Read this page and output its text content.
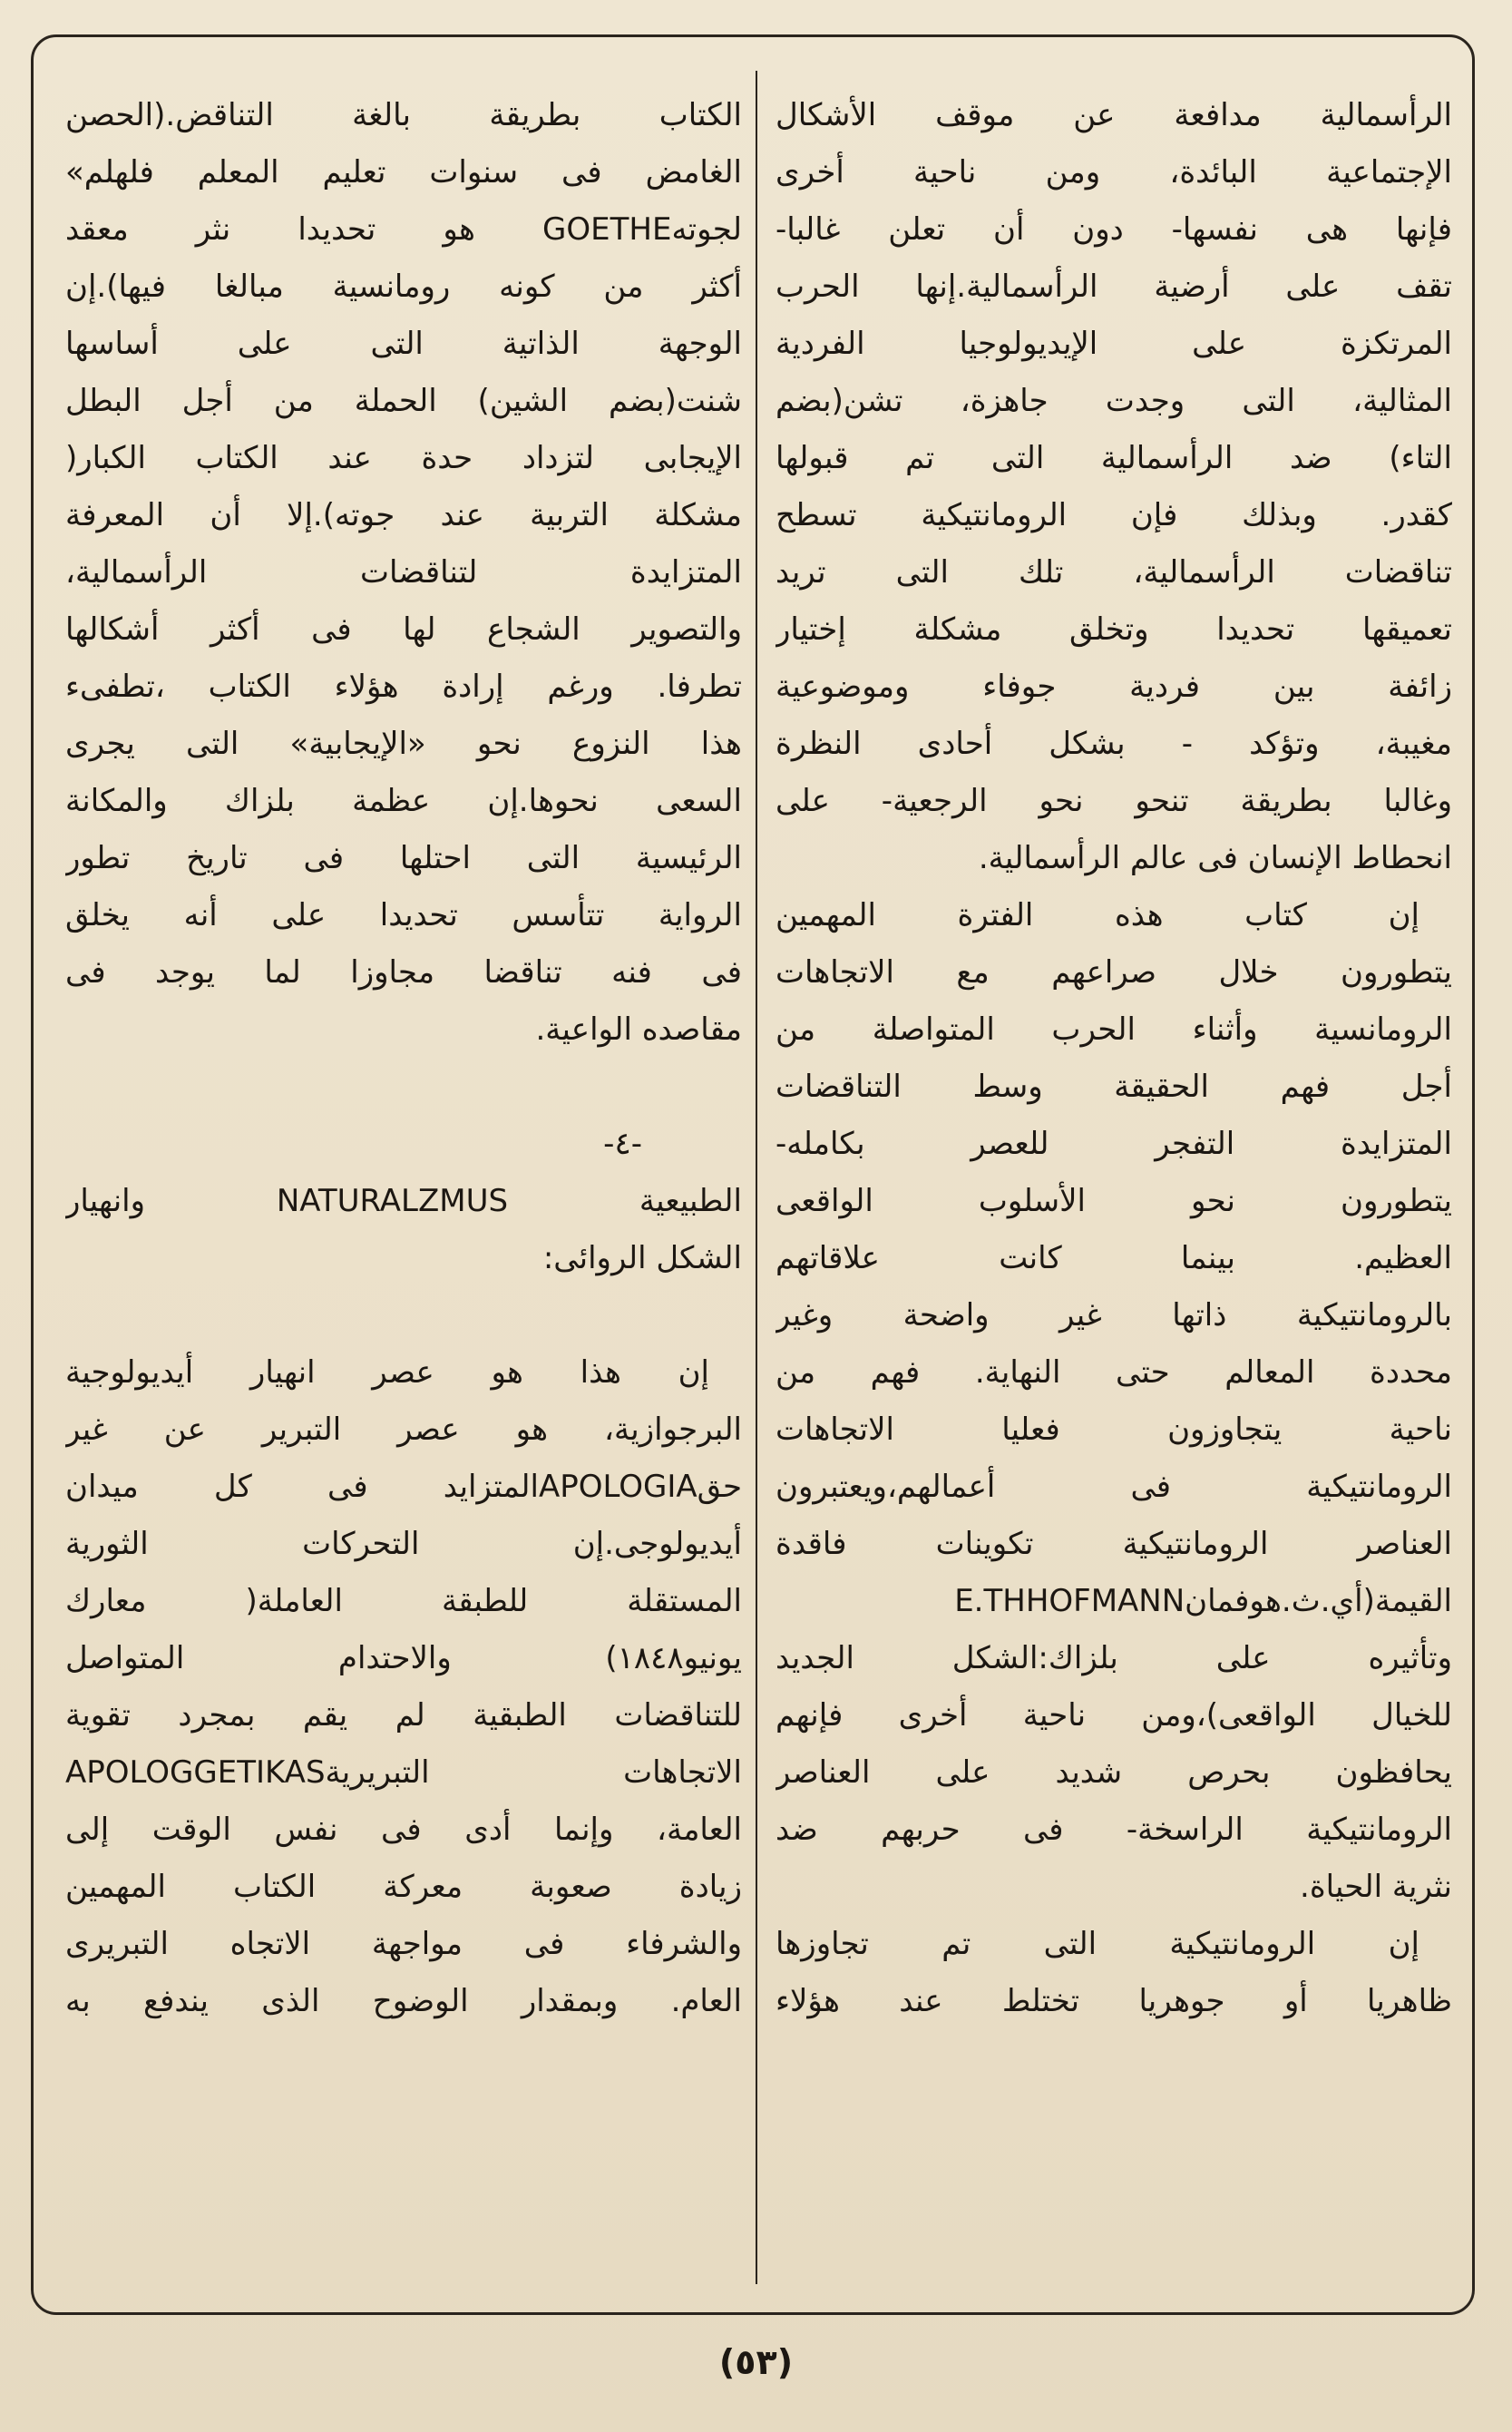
الرأسمالية مدافعة عن موقف الأشكال
الإجتماعية البائدة، ومن ناحية أخرى
فإنها هى نفسها- دون أن تعلن غالبا-
تقف على أرضية الرأسمالية.إنها الحرب
المرتكزة على الإيديولوجيا الفردية
المثالية، التى وجدت جاهزة، تشن(بضم
التاء) ضد الرأسمالية التى تم قبولها
كقدر. وبذلك فإن الرومانتيكية تسطح
تناقضات الرأسمالية، تلك التى تريد
تعميقها تحديدا وتخلق مشكلة إختيار
زائفة بين فردية جوفاء وموضوعية
مغيبة، وتؤكد - بشكل أحادى النظرة
وغالبا بطريقة تنحو نحو الرجعية- على
انحطاط الإنسان فى عالم الرأسمالية.
إن كتاب هذه الفترة المهمين
يتطورون خلال صراعهم مع الاتجاهات
الرومانسية وأثناء الحرب المتواصلة من
أجل فهم الحقيقة وسط التناقضات
المتزايدة التفجر للعصر بكامله-
يتطورون نحو الأسلوب الواقعى
العظيم. بينما كانت علاقاتهم
بالرومانتيكية ذاتها غير واضحة وغير
محددة المعالم حتى النهاية. فهم من
ناحية يتجاوزون فعليا الاتجاهات
الرومانتيكية فى أعمالهم،ويعتبرون
العناصر الرومانتيكية تكوينات فاقدة
القيمة(أي.ث.هوفمانE.THHOFMANN
وتأثيره على بلزاك:الشكل الجديد
للخيال الواقعى)،ومن ناحية أخرى فإنهم
يحافظون بحرص شديد على العناصر
الرومانتيكية الراسخة- فى حربهم ضد
نثرية الحياة.
إن الرومانتيكية التى تم تجاوزها
ظاهريا أو جوهريا تختلط عند هؤلاء
الكتاب بطريقة بالغة التناقض.(الحصن
الغامض فى سنوات تعليم المعلم فلهلم»
لجوتهGOETHE هو تحديدا نثر معقد
أكثر من كونه رومانسية مبالغا فيها).إن
الوجهة الذاتية التى على أساسها
شنت(بضم الشين) الحملة من أجل البطل
الإيجابى لتزداد حدة عند الكتاب الكبار(
مشكلة التربية عند جوته).إلا أن المعرفة
المتزايدة لتناقضات الرأسمالية،
والتصوير الشجاع لها فى أكثر أشكالها
تطرفا. ورغم إرادة هؤلاء الكتاب ،تطفىء
هذا النزوع نحو «الإيجابية» التى يجرى
السعى نحوها.إن عظمة بلزاك والمكانة
الرئيسية التى احتلها فى تاريخ تطور
الرواية تتأسس تحديدا على أنه يخلق
فى فنه تناقضا مجاوزا لما يوجد فى
مقاصده الواعية.
-٤-
الطبيعية NATURALZMUS وانهيار
الشكل الروائى:
إن هذا هو عصر انهيار أيديولوجية
البرجوازية، هو عصر التبرير عن غير
حقAPOLOGIAالمتزايد فى كل ميدان
أيديولوجى.إن التحركات الثورية
المستقلة للطبقة العاملة( معارك
يونيو١٨٤٨) والاحتدام المتواصل
للتناقضات الطبقية لم يقم بمجرد تقوية
الاتجاهات التبريريةAPOLOGGETIKAS
العامة، وإنما أدى فى نفس الوقت إلى
زيادة صعوبة معركة الكتاب المهمين
والشرفاء فى مواجهة الاتجاه التبريرى
العام. وبمقدار الوضوح الذى يندفع به
(٥٣)
